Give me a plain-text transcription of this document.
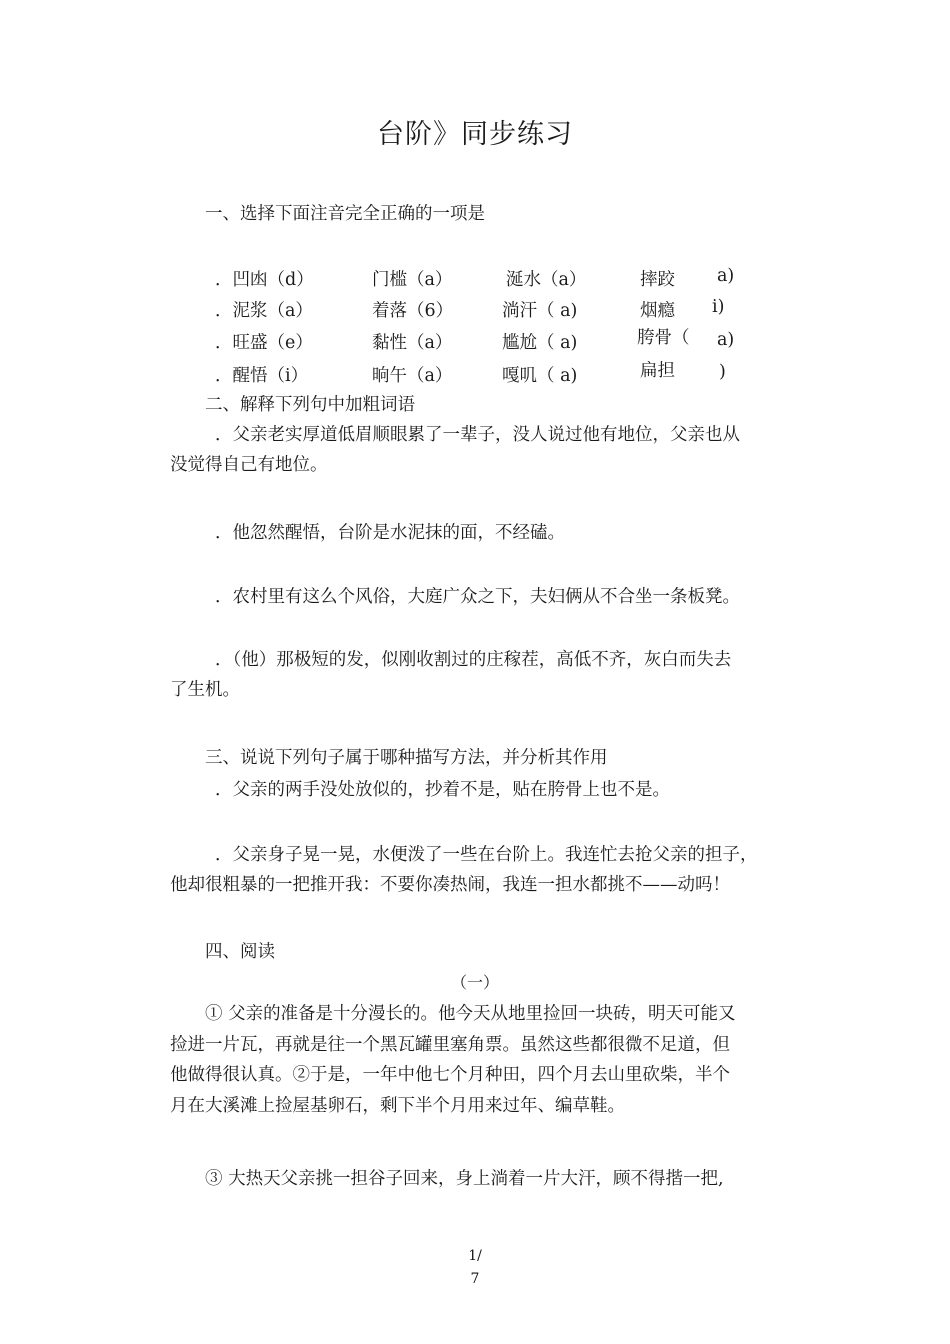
台阶》同步练习
一、选择下面注音完全正确的一项是
．凹凼（d）	门槛（a）	涎水（a）	摔跤 a)
．泥浆（a）	着落（6）	淌汗（ a)	烟瘾 i)
．旺盛（e）	黏性（a）	尴尬（ a)	胯骨（ a)
．醒悟（i）	晌午（a）	嘎叽（ a)	扁担	)
二、解释下列句中加粗词语
．父亲老实厚道低眉顺眼累了一辈子，没人说过他有地位，父亲也从
没觉得自己有地位。
．他忽然醒悟，台阶是水泥抹的面，不经磕。
．农村里有这么个风俗，大庭广众之下，夫妇俩从不合坐一条板凳。
．（他）那极短的发，似刚收割过的庄稼茬，高低不齐，灰白而失去
了生机。
三、说说下列句子属于哪种描写方法，并分析其作用
．父亲的两手没处放似的，抄着不是，贴在胯骨上也不是。
．父亲身子晃一晃，水便泼了一些在台阶上。我连忙去抢父亲的担子，
他却很粗暴的一把推开我：不要你凑热闹，我连一担水都挑不——动吗！
四、阅读
（一）
① 父亲的准备是十分漫长的。他今天从地里捡回一块砖，明天可能又
捡进一片瓦，再就是往一个黑瓦罐里塞角票。虽然这些都很微不足道，但
他做得很认真。②于是，一年中他七个月种田，四个月去山里砍柴，半个
月在大溪滩上捡屋基卵石，剩下半个月用来过年、编草鞋。
③ 大热天父亲挑一担谷子回来，身上淌着一片大汗，顾不得揩一把,
1/
7
